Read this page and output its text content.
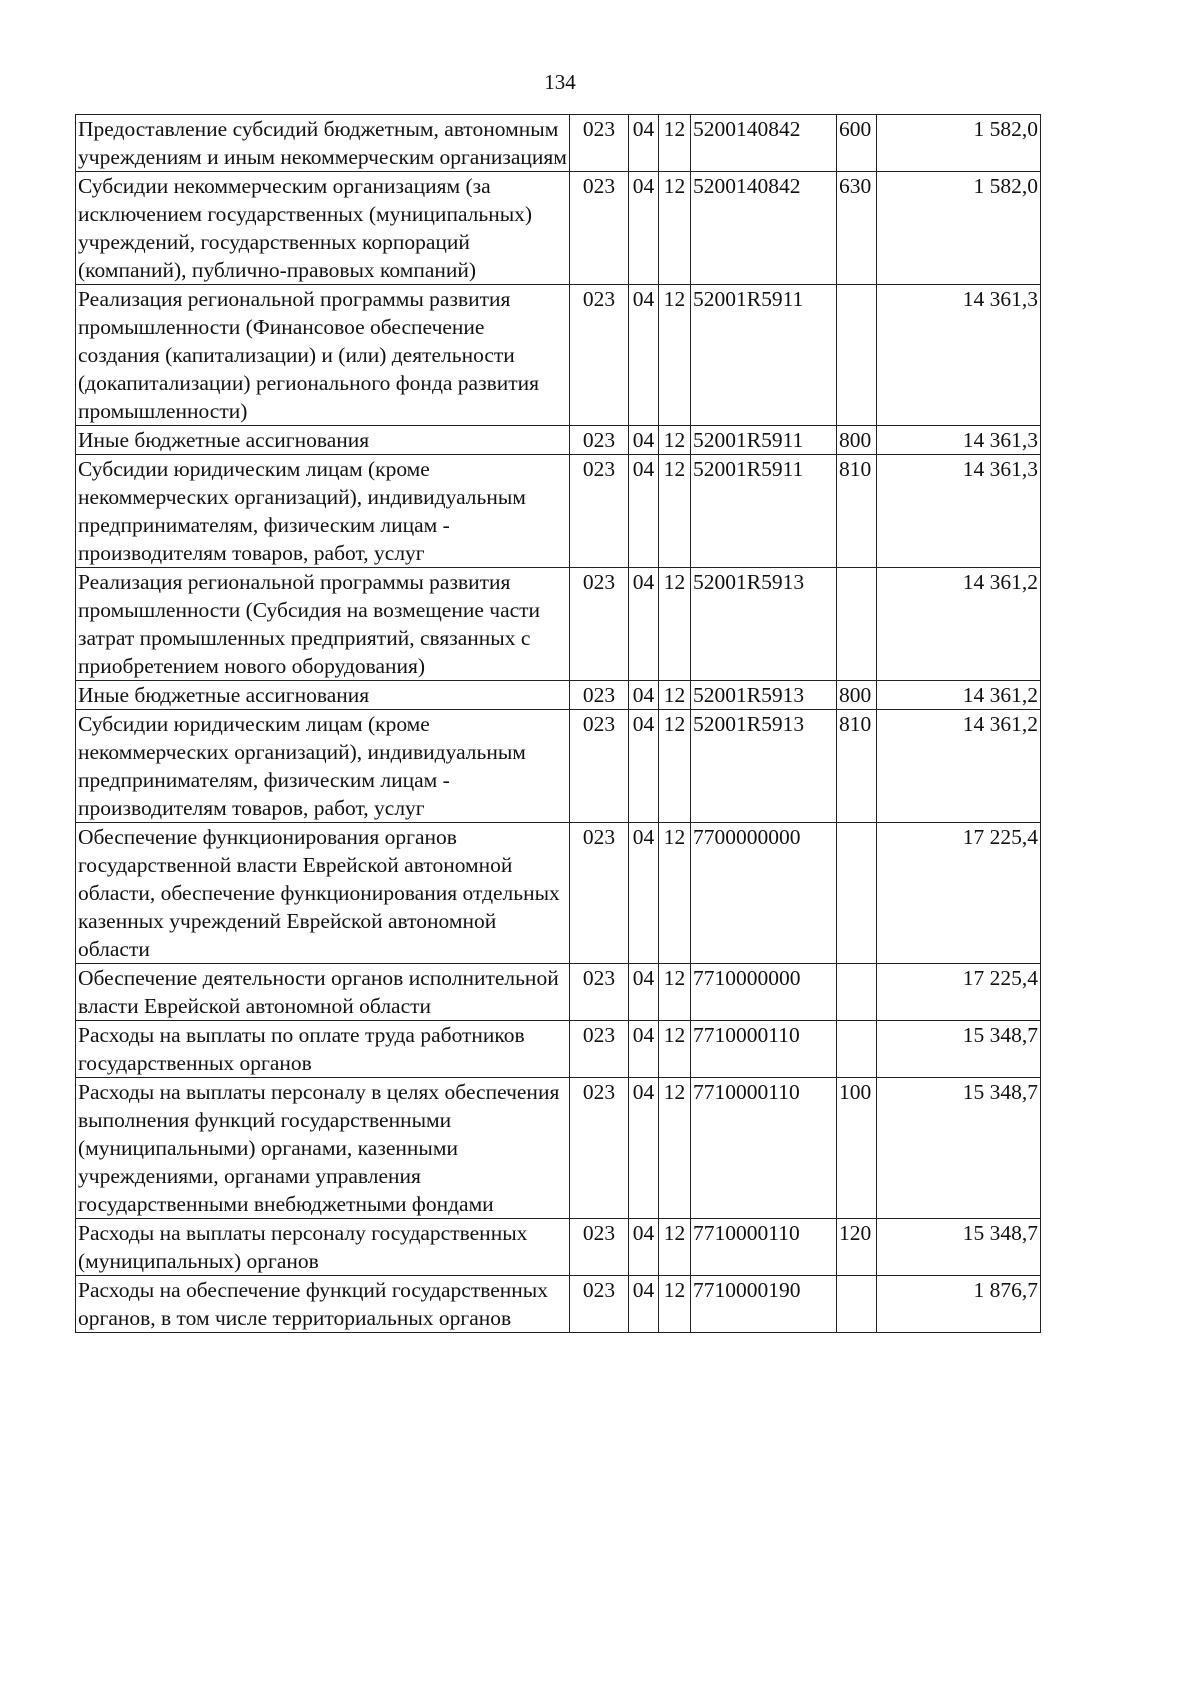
134
Предоставление субсидий бюджетным, автономным учреждениям и иным некоммерческим организациям	023	04	12	5200140842	600	1 582,0
Субсидии некоммерческим организациям (за исключением государственных (муниципальных) учреждений, государственных корпораций (компаний), публично-правовых компаний)	023	04	12	5200140842	630	1 582,0
Реализация региональной программы развития промышленности (Финансовое обеспечение создания (капитализации) и (или) деятельности (докапитализации) регионального фонда развития промышленности)	023	04	12	52001R5911		14 361,3
Иные бюджетные ассигнования	023	04	12	52001R5911	800	14 361,3
Субсидии юридическим лицам (кроме некоммерческих организаций), индивидуальным предпринимателям, физическим лицам - производителям товаров, работ, услуг	023	04	12	52001R5911	810	14 361,3
Реализация региональной программы развития промышленности (Субсидия на возмещение части затрат промышленных предприятий, связанных с приобретением нового оборудования)	023	04	12	52001R5913		14 361,2
Иные бюджетные ассигнования	023	04	12	52001R5913	800	14 361,2
Субсидии юридическим лицам (кроме некоммерческих организаций), индивидуальным предпринимателям, физическим лицам - производителям товаров, работ, услуг	023	04	12	52001R5913	810	14 361,2
Обеспечение функционирования органов государственной власти Еврейской автономной области, обеспечение функционирования отдельных казенных учреждений Еврейской автономной области	023	04	12	7700000000		17 225,4
Обеспечение деятельности органов исполнительной власти Еврейской автономной области	023	04	12	7710000000		17 225,4
Расходы на выплаты по оплате труда работников государственных органов	023	04	12	7710000110		15 348,7
Расходы на выплаты персоналу в целях обеспечения выполнения функций государственными (муниципальными) органами, казенными учреждениями, органами управления государственными внебюджетными фондами	023	04	12	7710000110	100	15 348,7
Расходы на выплаты персоналу государственных (муниципальных) органов	023	04	12	7710000110	120	15 348,7
Расходы на обеспечение функций государственных органов, в том числе территориальных органов	023	04	12	7710000190		1 876,7
